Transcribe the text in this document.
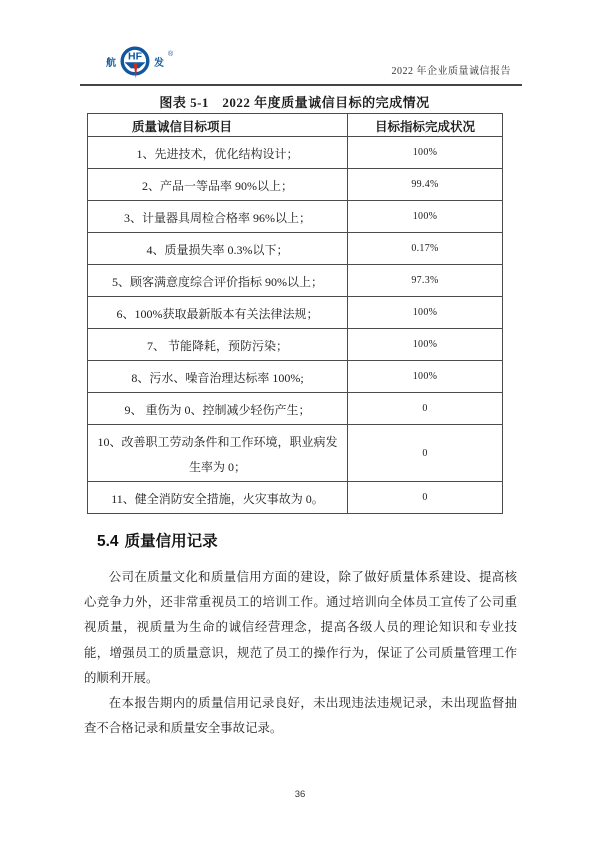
航
HF
发
®
2022 年企业质量诚信报告
图表 5-1　2022 年度质量诚信目标的完成情况
质量诚信目标项目	目标指标完成状况
1、先进技术，优化结构设计；	100%
2、产品一等品率 90%以上；	99.4%
3、计量器具周检合格率 96%以上；	100%
4、质量损失率 0.3%以下；	0.17%
5、顾客满意度综合评价指标 90%以上；	97.3%
6、100%获取最新版本有关法律法规；	100%
7、 节能降耗，预防污染；	100%
8、污水、噪音治理达标率 100%;	100%
9、 重伤为 0、控制减少轻伤产生；	0
10、改善职工劳动条件和工作环境，职业病发生率为 0；	0
11、健全消防安全措施，火灾事故为 0。	0
5.4 质量信用记录

公司在质量文化和质量信用方面的建设，除了做好质量体系建设、提高核心竞争力外，还非常重视员工的培训工作。通过培训向全体员工宣传了公司重视质量，视质量为生命的诚信经营理念，提高各级人员的理论知识和专业技能，增强员工的质量意识，规范了员工的操作行为，保证了公司质量管理工作的顺利开展。

在本报告期内的质量信用记录良好，未出现违法违规记录，未出现监督抽查不合格记录和质量安全事故记录。

36
